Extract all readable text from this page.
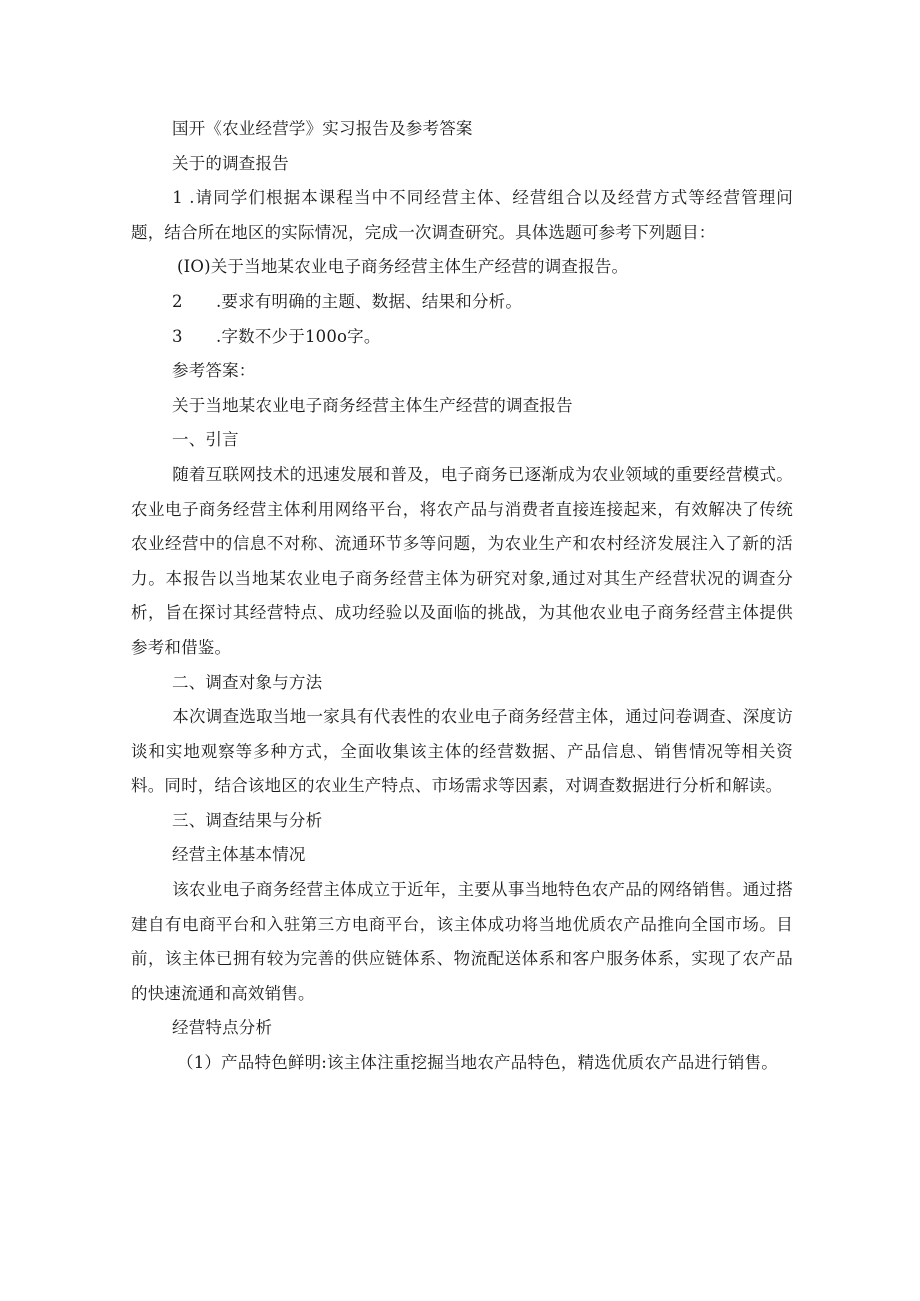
国开《农业经营学》实习报告及参考答案
关于的调查报告
1 .请同学们根据本课程当中不同经营主体、经营组合以及经营方式等经营管理问题，结合所在地区的实际情况，完成一次调查研究。具体选题可参考下列题目：
(IO)关于当地某农业电子商务经营主体生产经营的调查报告。
2 .要求有明确的主题、数据、结果和分析。
3 .字数不少于100o字。
参考答案：
关于当地某农业电子商务经营主体生产经营的调查报告
一、引言
随着互联网技术的迅速发展和普及，电子商务已逐渐成为农业领域的重要经营模式。农业电子商务经营主体利用网络平台，将农产品与消费者直接连接起来，有效解决了传统农业经营中的信息不对称、流通环节多等问题，为农业生产和农村经济发展注入了新的活力。本报告以当地某农业电子商务经营主体为研究对象,通过对其生产经营状况的调查分析，旨在探讨其经营特点、成功经验以及面临的挑战，为其他农业电子商务经营主体提供参考和借鉴。
二、调查对象与方法
本次调查选取当地一家具有代表性的农业电子商务经营主体，通过问卷调查、深度访谈和实地观察等多种方式，全面收集该主体的经营数据、产品信息、销售情况等相关资料。同时，结合该地区的农业生产特点、市场需求等因素，对调查数据进行分析和解读。
三、调查结果与分析
经营主体基本情况
该农业电子商务经营主体成立于近年，主要从事当地特色农产品的网络销售。通过搭建自有电商平台和入驻第三方电商平台，该主体成功将当地优质农产品推向全国市场。目前，该主体已拥有较为完善的供应链体系、物流配送体系和客户服务体系，实现了农产品的快速流通和高效销售。
经营特点分析
（1）产品特色鲜明:该主体注重挖掘当地农产品特色，精选优质农产品进行销售。
